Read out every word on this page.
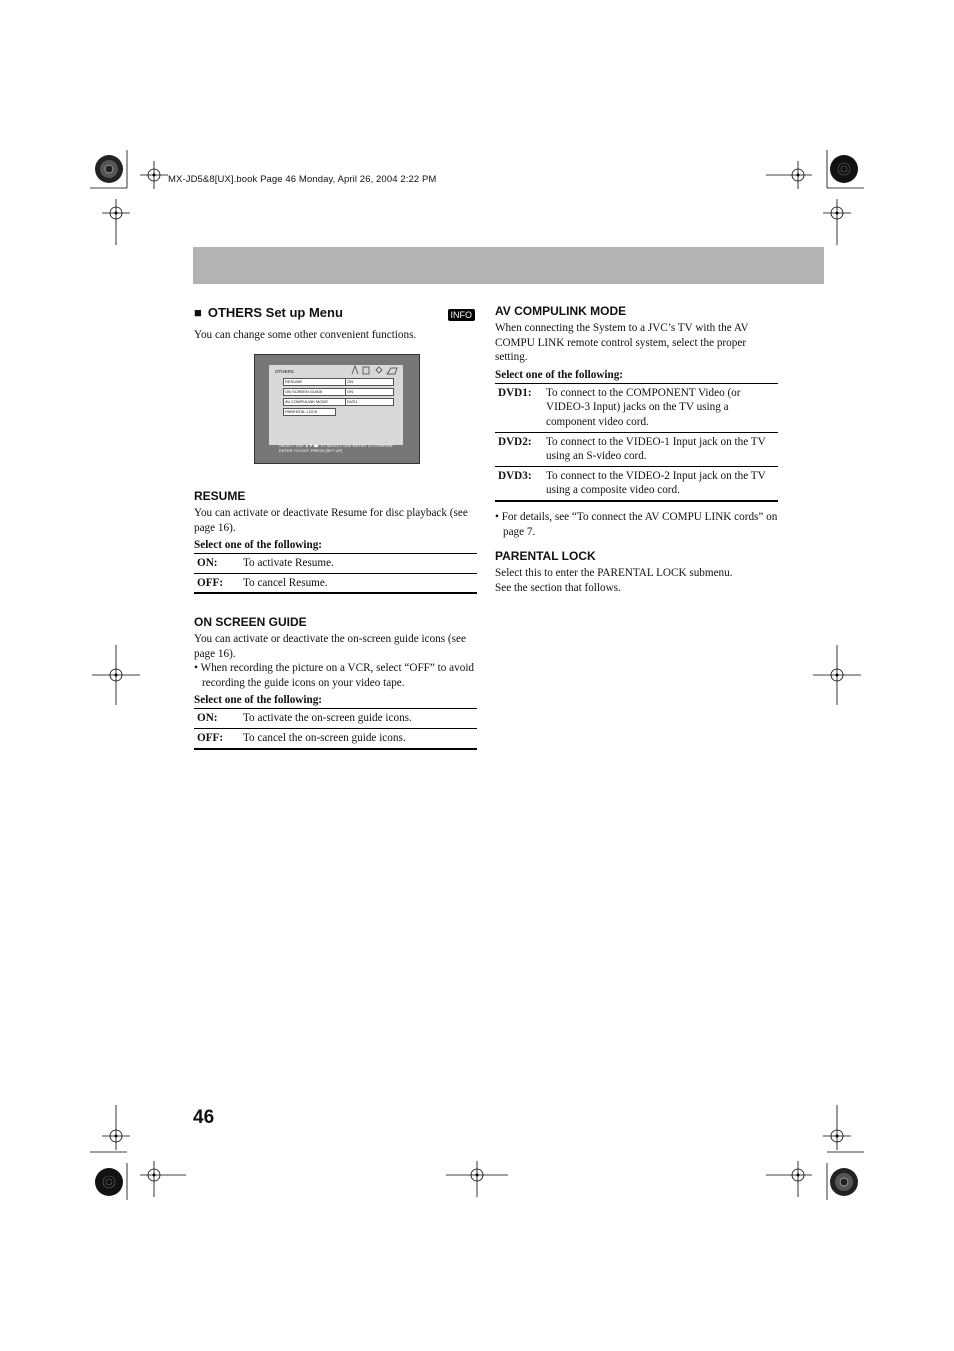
MX-JD5&8[UX].book Page 46 Monday, April 26, 2004 2:22 PM
■ OTHERS Set up Menu	INFO
You can change some other convenient functions.
OTHERS
RESUME	ON
ON SCREEN GUIDE	ON
AV COMPULINK MODE	DVD1
PARENTAL LOCK
SELECT USE ▲▼◀▶ TO SELECT USE ENTER TO CONFIRM
ENTER TO EXIT, PRESS [SET UP]
RESUME
You can activate or deactivate Resume for disc playback (see page 16).
Select one of the following:
ON:	To activate Resume.
OFF:	To cancel Resume.
ON SCREEN GUIDE
You can activate or deactivate the on-screen guide icons (see page 16).
• When recording the picture on a VCR, select “OFF” to avoid recording the guide icons on your video tape.
Select one of the following:
ON:	To activate the on-screen guide icons.
OFF:	To cancel the on-screen guide icons.
AV COMPULINK MODE
When connecting the System to a JVC’s TV with the AV COMPU LINK remote control system, select the proper setting.
Select one of the following:
DVD1:	To connect to the COMPONENT Video (or VIDEO-3 Input) jacks on the TV using a component video cord.
DVD2:	To connect to the VIDEO-1 Input jack on the TV using an S-video cord.
DVD3:	To connect to the VIDEO-2 Input jack on the TV using a composite video cord.
• For details, see “To connect the AV COMPU LINK cords” on page 7.
PARENTAL LOCK
Select this to enter the PARENTAL LOCK submenu.
See the section that follows.
46
